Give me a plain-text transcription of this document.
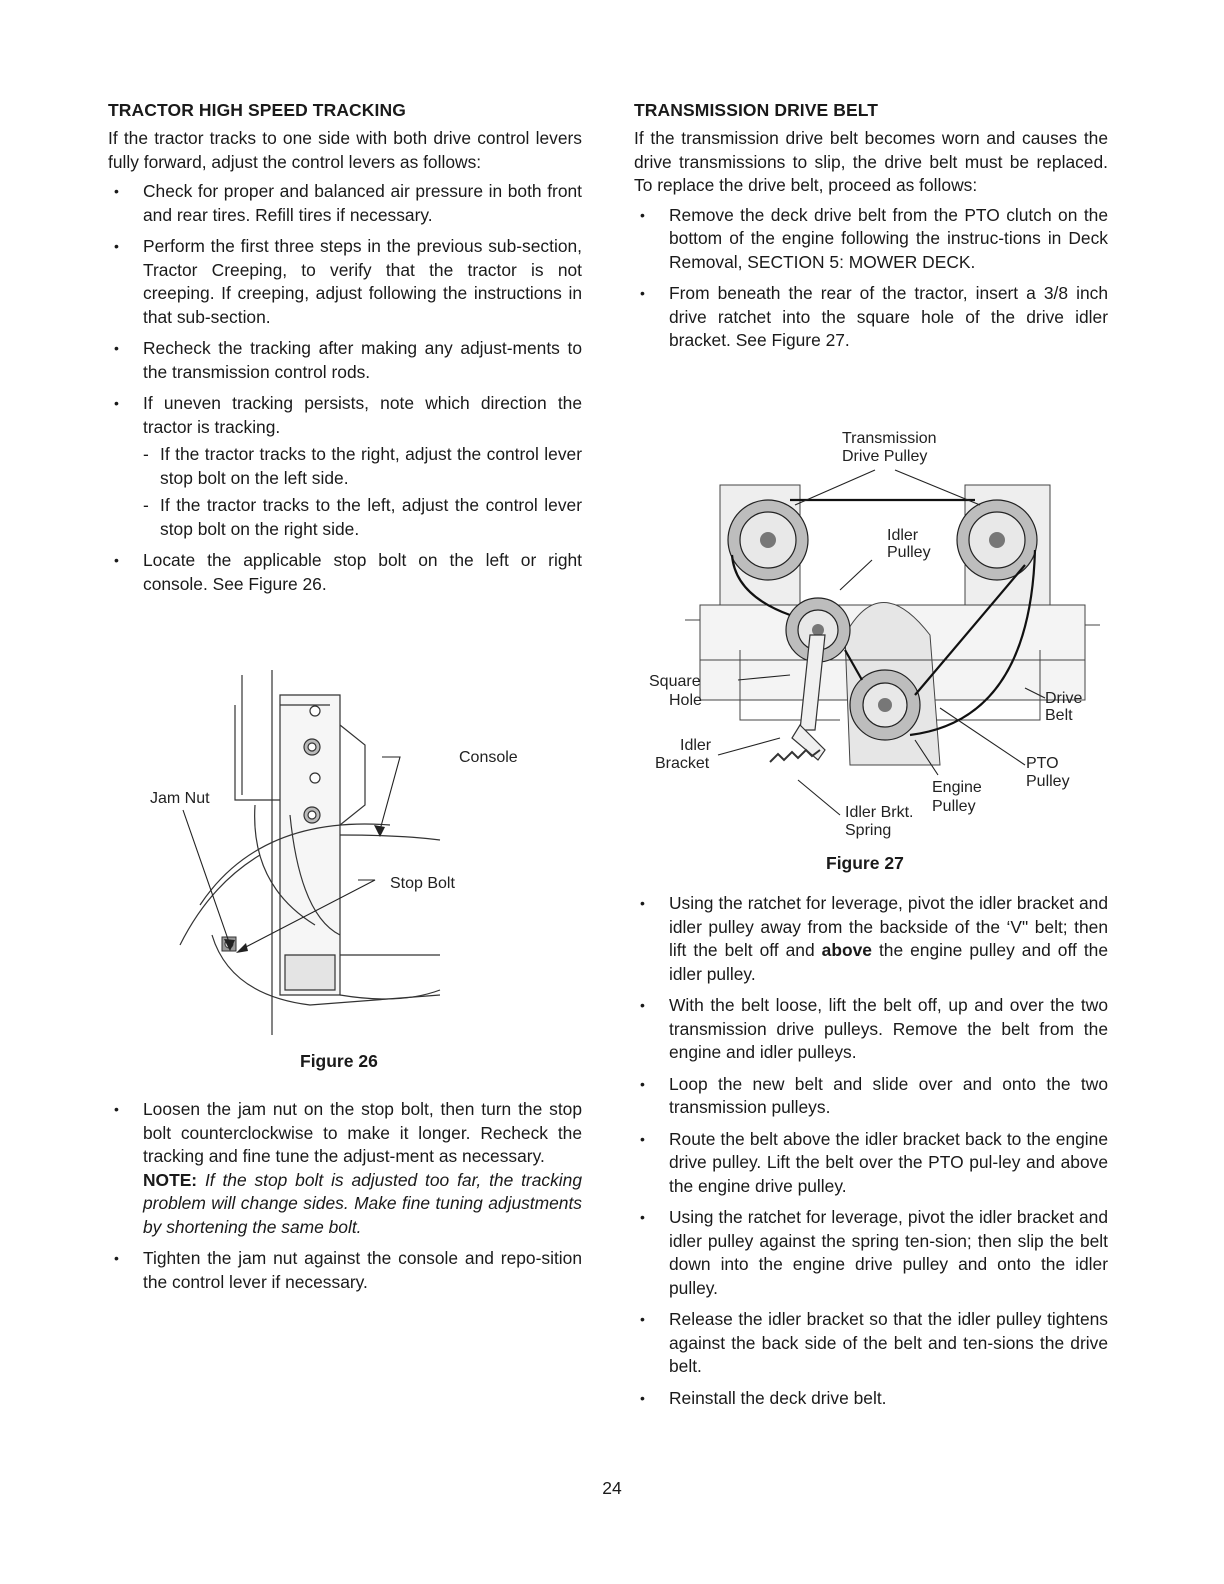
TRACTOR HIGH SPEED TRACKING

If the tractor tracks to one side with both drive control levers fully forward, adjust the control levers as follows:

• Check for proper and balanced air pressure in both front and rear tires. Refill tires if necessary.
• Perform the first three steps in the previous sub-section, Tractor Creeping, to verify that the tractor is not creeping. If creeping, adjust following the instructions in that sub-section.
• Recheck the tracking after making any adjust-ments to the transmission control rods.
• If uneven tracking persists, note which direction the tractor is tracking.
- If the tractor tracks to the right, adjust the control lever stop bolt on the left side.
- If the tractor tracks to the left, adjust the control lever stop bolt on the right side.
• Locate the applicable stop bolt on the left or right console. See Figure 26.
Console
Jam Nut
Stop Bolt
Figure 26
• Loosen the jam nut on the stop bolt, then turn the stop bolt counterclockwise to make it longer. Recheck the tracking and fine tune the adjust-ment as necessary.
NOTE: If the stop bolt is adjusted too far, the tracking problem will change sides. Make fine tuning adjustments by shortening the same bolt.
• Tighten the jam nut against the console and repo-sition the control lever if necessary.
TRANSMISSION DRIVE BELT

If the transmission drive belt becomes worn and causes the drive transmissions to slip, the drive belt must be replaced. To replace the drive belt, proceed as follows:

• Remove the deck drive belt from the PTO clutch on the bottom of the engine following the instruc-tions in Deck Removal, SECTION 5: MOWER DECK.
• From beneath the rear of the tractor, insert a 3/8 inch drive ratchet into the square hole of the drive idler bracket. See Figure 27.
Transmission
Drive Pulley
Idler
Pulley
Square
Hole	Drive
Belt
Idler
Bracket	PTO
Pulley
Engine
Pulley
Idler Brkt.
Spring
Figure 27
• Using the ratchet for leverage, pivot the idler bracket and idler pulley away from the backside of the ‘V" belt; then lift the belt off and above the engine pulley and off the idler pulley.
• With the belt loose, lift the belt off, up and over the two transmission drive pulleys. Remove the belt from the engine and idler pulleys.
• Loop the new belt and slide over and onto the two transmission pulleys.
• Route the belt above the idler bracket back to the engine drive pulley. Lift the belt over the PTO pul-ley and above the engine drive pulley.
• Using the ratchet for leverage, pivot the idler bracket and idler pulley against the spring ten-sion; then slip the belt down into the engine drive pulley and onto the idler pulley.
• Release the idler bracket so that the idler pulley tightens against the back side of the belt and ten-sions the drive belt.
• Reinstall the deck drive belt.
24
